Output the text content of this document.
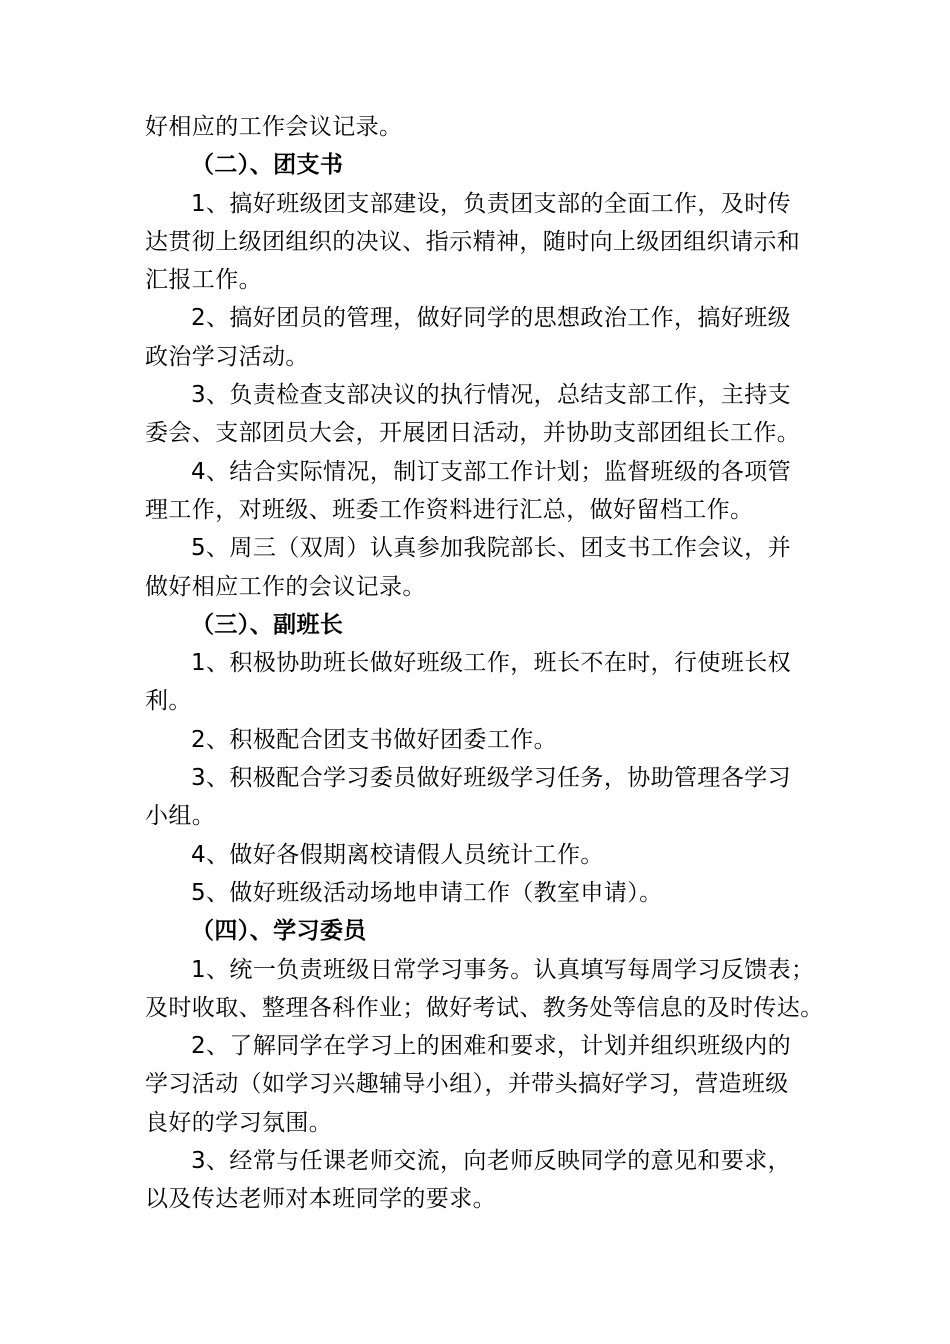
好相应的工作会议记录。
（二）、团支书
1、搞好班级团支部建设，负责团支部的全面工作，及时传
达贯彻上级团组织的决议、指示精神，随时向上级团组织请示和
汇报工作。
2、搞好团员的管理，做好同学的思想政治工作，搞好班级
政治学习活动。
3、负责检查支部决议的执行情况，总结支部工作，主持支
委会、支部团员大会，开展团日活动，并协助支部团组长工作。
4、结合实际情况，制订支部工作计划；监督班级的各项管
理工作，对班级、班委工作资料进行汇总，做好留档工作。
5、周三（双周）认真参加我院部长、团支书工作会议，并
做好相应工作的会议记录。
（三）、副班长
1、积极协助班长做好班级工作，班长不在时，行使班长权
利。
2、积极配合团支书做好团委工作。
3、积极配合学习委员做好班级学习任务，协助管理各学习
小组。
4、做好各假期离校请假人员统计工作。
5、做好班级活动场地申请工作（教室申请）。
（四）、学习委员
1、统一负责班级日常学习事务。认真填写每周学习反馈表；
及时收取、整理各科作业；做好考试、教务处等信息的及时传达。
2、了解同学在学习上的困难和要求，计划并组织班级内的
学习活动（如学习兴趣辅导小组），并带头搞好学习，营造班级
良好的学习氛围。
3、经常与任课老师交流，向老师反映同学的意见和要求，
以及传达老师对本班同学的要求。
